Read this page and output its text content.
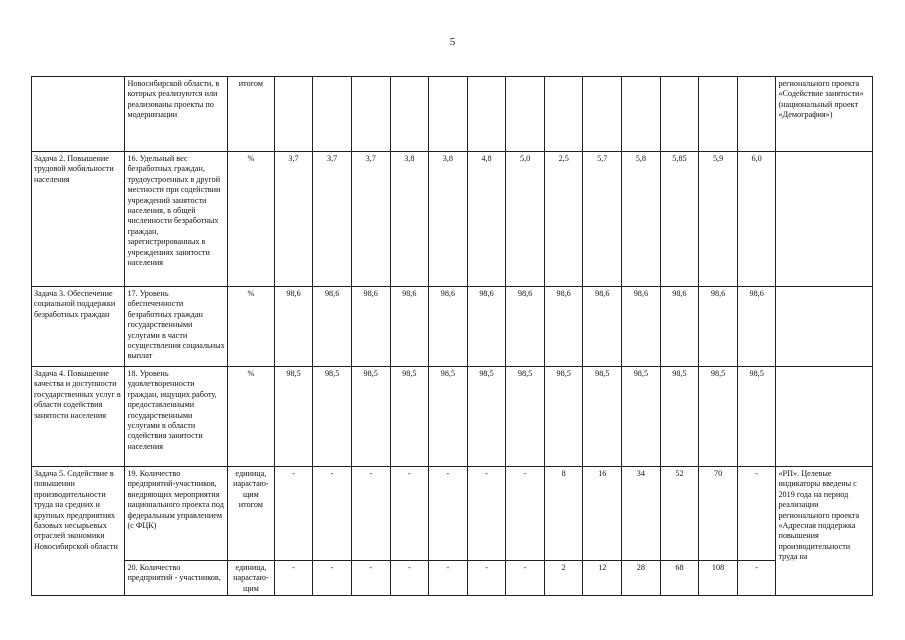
5
	Новосибирской области, в которых реализуются или реализованы проекты по модернизации	итогом														регионального проекта «Содействие занятости» (национальный проект «Демография»)
Задача 2. Повышение трудовой мобильности населения	16. Удельный вес безработных граждан, трудоустроенных в другой местности при содействии учреждений занятости населения, в общей численности безработных граждан, зарегистрированных в учреждениях занятости населения	%	3,7	3,7	3,7	3,8	3,8	4,8	5,0	2,5	5,7	5,8	5,85	5,9	6,0	
Задача 3. Обеспечение социальной поддержки безработных граждан	17. Уровень обеспеченности безработных граждан государственными услугами в части осуществления социальных выплат	%	98,6	98,6	98,6	98,6	98,6	98,6	98,6	98,6	98,6	98,6	98,6	98,6	98,6	
Задача 4. Повышение качества и доступности государственных услуг в области содействия занятости населения	18. Уровень удовлетворенности граждан, ищущих работу, предоставленными государственными услугами в области содействия занятости населения	%	98,5	98,5	98,5	98,5	98,5	98,5	98,5	98,5	98,5	98,5	98,5	98,5	98,5	
Задача 5. Содействие в повышении производительности труда на средних и крупных предприятиях базовых несырьевых отраслей экономики Новосибирской области	19. Количество предприятий-участников, внедряющих мероприятия национального проекта под федеральным управлением (с ФЦК)	единица, нарастаю-щим итогом	-	-	-	-	-	-	-	8	16	34	52	70	-	«РП». Целевые индикаторы введены с 2019 года на период реализации регионального проекта «Адресная поддержка повышения производительности труда на
	20. Количество предприятий - участников,	единица, нарастаю-щим	-	-	-	-	-	-	-	2	12	28	68	108	-	
